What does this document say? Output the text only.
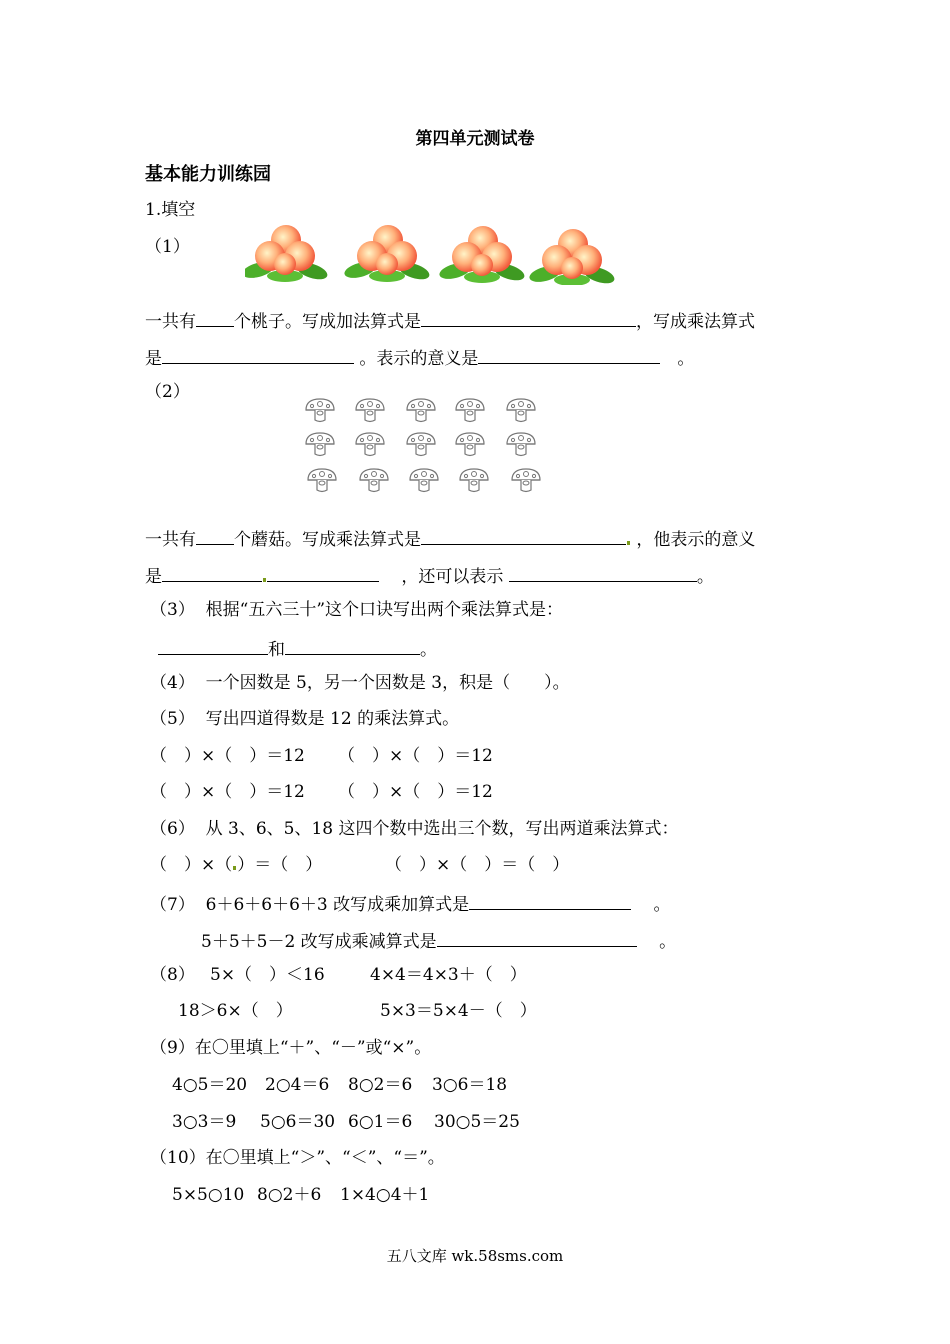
第四单元测试卷
基本能力训练园
1.填空
（1）
一共有 个桃子。写成加法算式是	，写成乘法算式
是	。表示的意义是　	。
（2）
一共有 个蘑菇。写成乘法算式是	，他表示的意义
是 　	，还可以表示	。
（3） 根据“五六三十”这个口诀写出两个乘法算式是：
和	。
（4） 一个因数是 5，另一个因数是 3，积是（　　）。
（5） 写出四道得数是 12 的乘法算式。
（　）×（　）＝12 （　）×（　）＝12
（　）×（　）＝12 （　）×（　）＝12
（6） 从 3、6、5、18 这四个数中选出三个数，写出两道乘法算式：
（　）×（ ）＝（　）	（　）×（　）＝（　）
（7） 6＋6＋6＋6＋3 改写成乘加算式是 　	。
5＋5＋5－2 改写成乘减算式是 　	。
（8） 5×（　）＜16	4×4＝4×3＋（　）
18＞6×（　）	5×3＝5×4－（　）
（9）在〇里填上“＋”、“－”或“×”。
4○5＝20 2○4＝6 8○2＝6 3○6＝18
3○3＝9 5○6＝30 6○1＝6 30○5＝25
（10）在〇里填上“＞”、“＜”、“＝”。
5×5○10 8○2＋6 1×4○4＋1
五八文库 wk.58sms.com
